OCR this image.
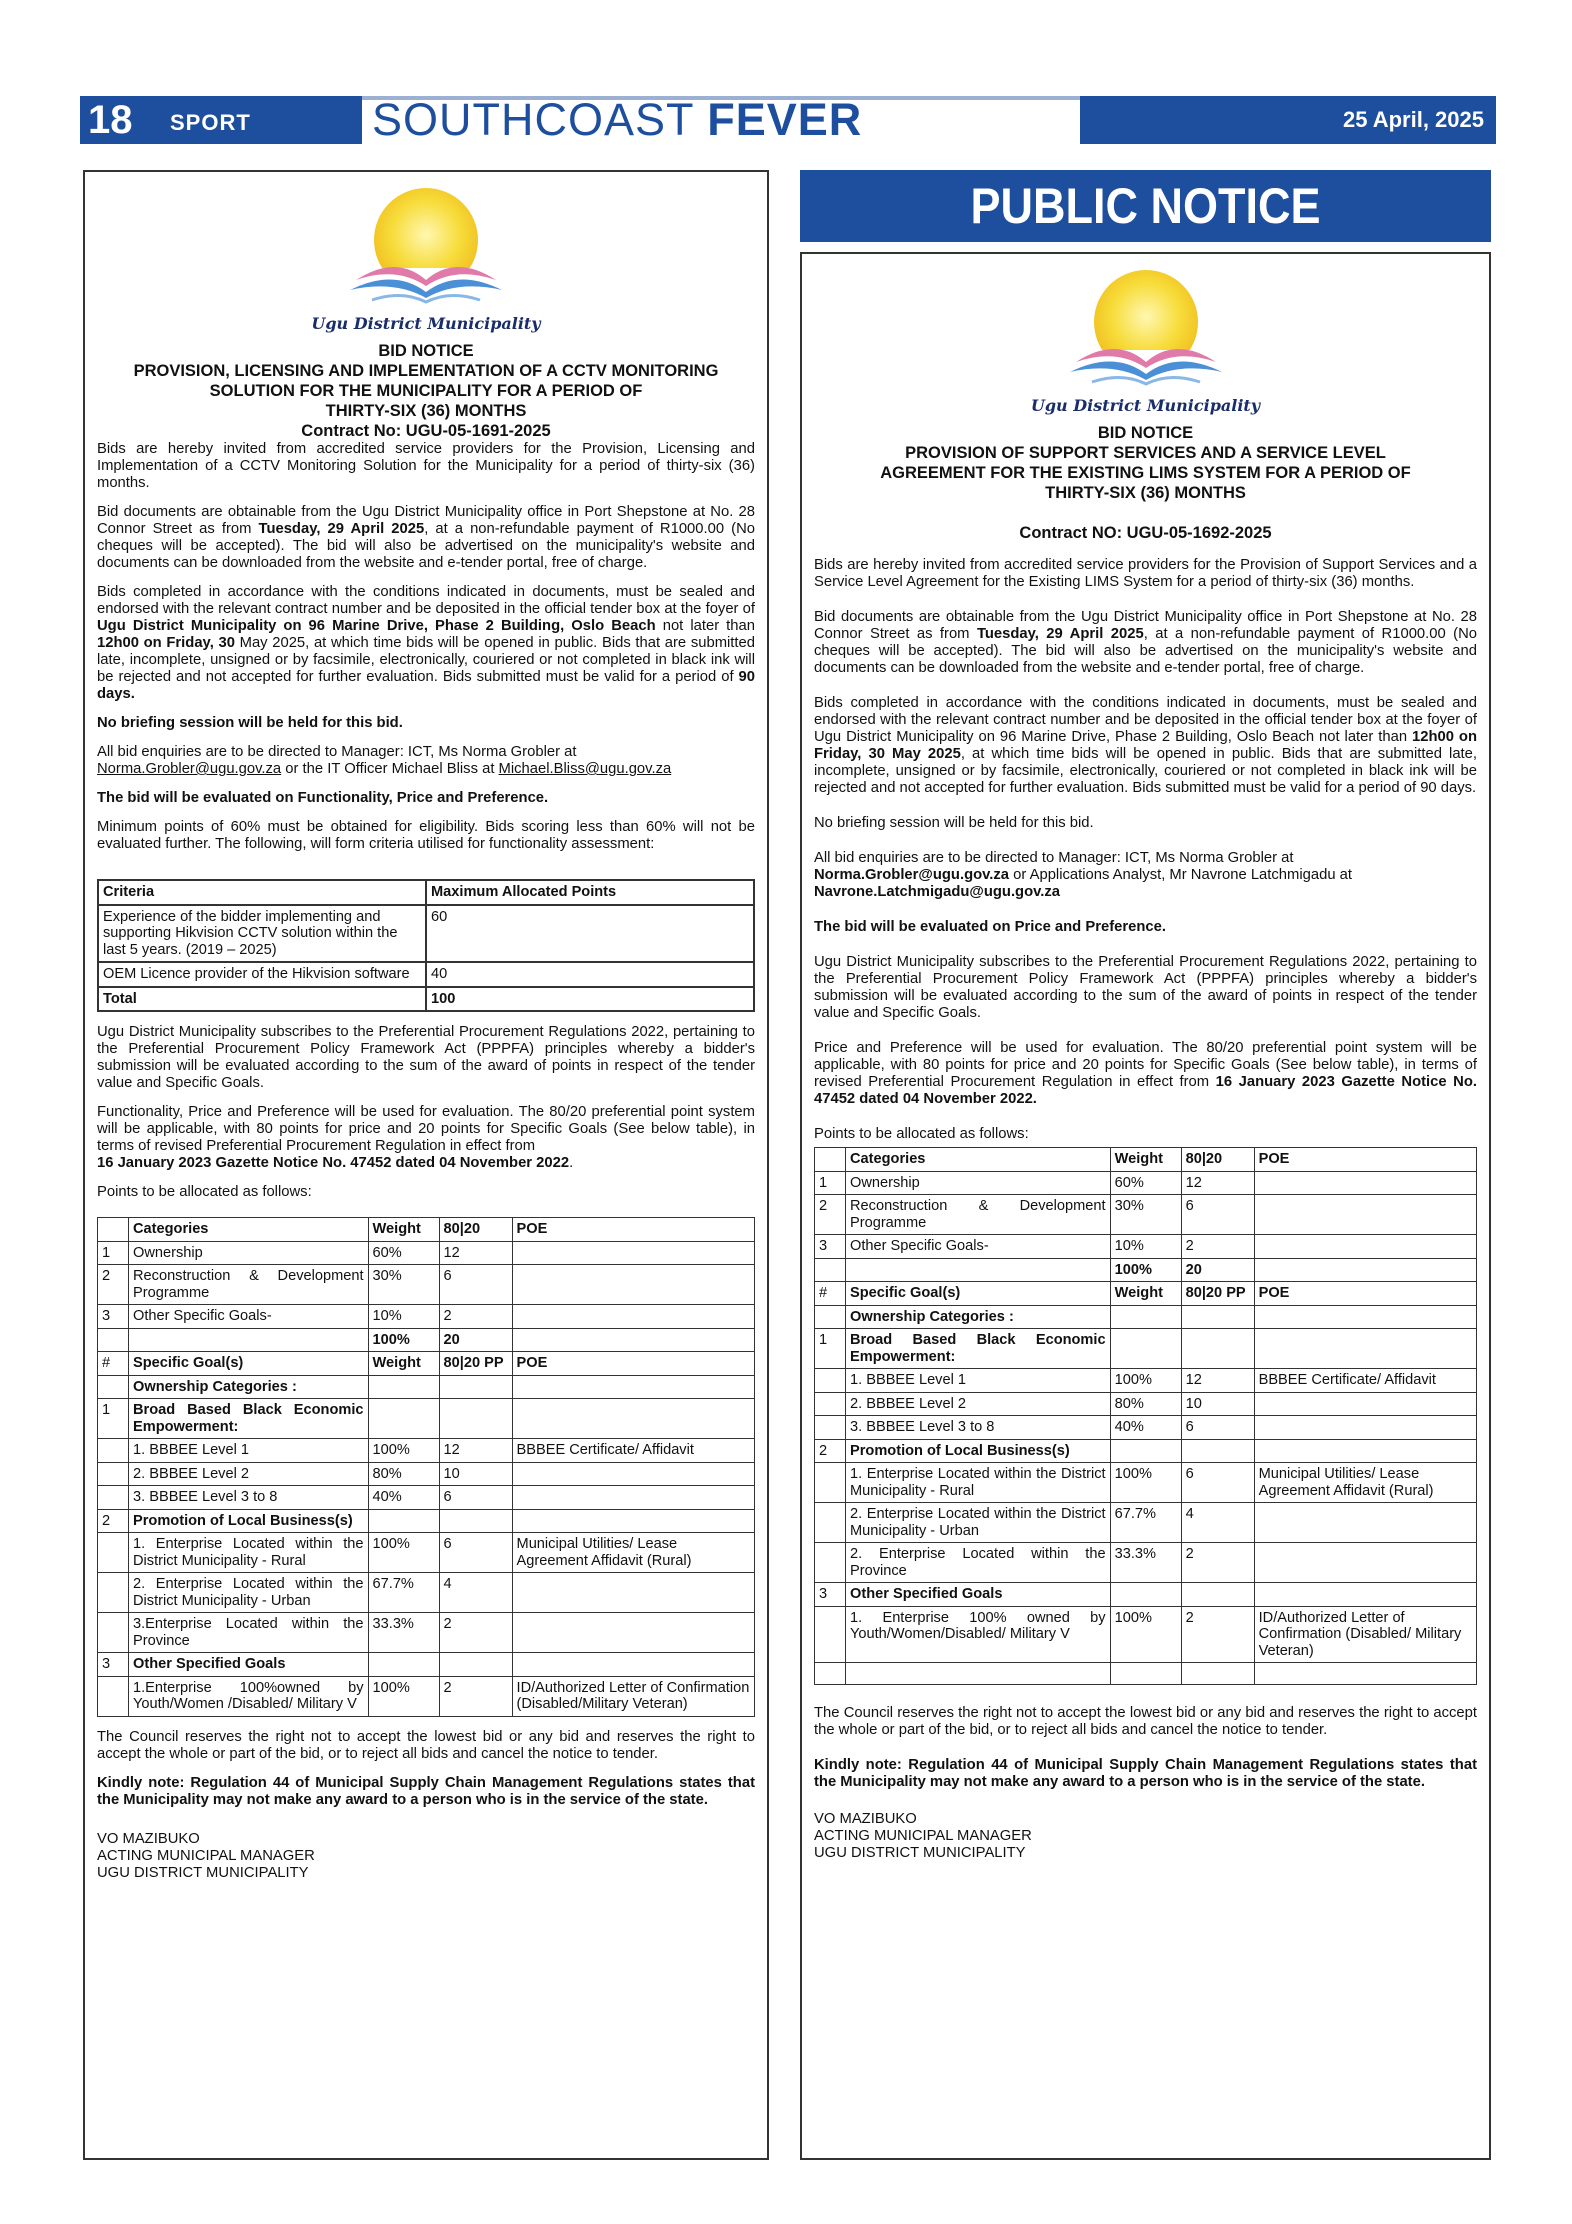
18 SPORT	SOUTHCOAST FEVER	25 April, 2025
Ugu District Municipality
BID NOTICE
PROVISION, LICENSING AND IMPLEMENTATION OF A CCTV MONITORING
SOLUTION FOR THE MUNICIPALITY FOR A PERIOD OF
THIRTY-SIX (36) MONTHS
Contract No: UGU-05-1691-2025

Bids are hereby invited from accredited service providers for the Provision, Licensing and Implementation of a CCTV Monitoring Solution for the Municipality for a period of thirty-six (36) months.

Bid documents are obtainable from the Ugu District Municipality office in Port Shepstone at No. 28 Connor Street as from Tuesday, 29 April 2025, at a non-refundable payment of R1000.00 (No cheques will be accepted). The bid will also be advertised on the municipality's website and documents can be downloaded from the website and e-tender portal, free of charge.

Bids completed in accordance with the conditions indicated in documents, must be sealed and endorsed with the relevant contract number and be deposited in the official tender box at the foyer of Ugu District Municipality on 96 Marine Drive, Phase 2 Building, Oslo Beach not later than 12h00 on Friday, 30 May 2025, at which time bids will be opened in public. Bids that are submitted late, incomplete, unsigned or by facsimile, electronically, couriered or not completed in black ink will be rejected and not accepted for further evaluation. Bids submitted must be valid for a period of 90 days.

No briefing session will be held for this bid.

All bid enquiries are to be directed to Manager: ICT, Ms Norma Grobler at
Norma.Grobler@ugu.gov.za or the IT Officer Michael Bliss at Michael.Bliss@ugu.gov.za

The bid will be evaluated on Functionality, Price and Preference.

Minimum points of 60% must be obtained for eligibility. Bids scoring less than 60% will not be evaluated further. The following, will form criteria utilised for functionality assessment:

Criteria	Maximum Allocated Points
Experience of the bidder implementing and supporting Hikvision CCTV solution within the last 5 years. (2019 – 2025)	60
OEM Licence provider of the Hikvision software	40
Total	100

Ugu District Municipality subscribes to the Preferential Procurement Regulations 2022, pertaining to the Preferential Procurement Policy Framework Act (PPPFA) principles whereby a bidder's submission will be evaluated according to the sum of the award of points in respect of the tender value and Specific Goals.

Functionality, Price and Preference will be used for evaluation. The 80/20 preferential point system will be applicable, with 80 points for price and 20 points for Specific Goals (See below table), in terms of revised Preferential Procurement Regulation in effect from
16 January 2023 Gazette Notice No. 47452 dated 04 November 2022.

Points to be allocated as follows:

	Categories	Weight	80|20	POE
1	Ownership	60%	12	
2	Reconstruction & Development Programme	30%	6	
3	Other Specific Goals-	10%	2	
		100%	20	
#	Specific Goal(s)	Weight	80|20 PP	POE
	Ownership Categories :			
1	Broad Based Black Economic Empowerment:			
	1. BBBEE Level 1	100%	12	BBBEE Certificate/ Affidavit
	2. BBBEE Level 2	80%	10	
	3. BBBEE Level 3 to 8	40%	6	
2	Promotion of Local Business(s)			
	1. Enterprise Located within the District Municipality - Rural	100%	6	Municipal Utilities/ Lease Agreement Affidavit (Rural)
	2. Enterprise Located within the District Municipality - Urban	67.7%	4	
	3.Enterprise Located within the Province	33.3%	2	
3	Other Specified Goals			
	1.Enterprise 100%owned by Youth/Women /Disabled/ Military V	100%	2	ID/Authorized Letter of Confirmation (Disabled/Military Veteran)

The Council reserves the right not to accept the lowest bid or any bid and reserves the right to accept the whole or part of the bid, or to reject all bids and cancel the notice to tender.

Kindly note: Regulation 44 of Municipal Supply Chain Management Regulations states that the Municipality may not make any award to a person who is in the service of the state.

VO MAZIBUKO
ACTING MUNICIPAL MANAGER
UGU DISTRICT MUNICIPALITY
PUBLIC NOTICE
Ugu District Municipality
BID NOTICE
PROVISION OF SUPPORT SERVICES AND A SERVICE LEVEL
AGREEMENT FOR THE EXISTING LIMS SYSTEM FOR A PERIOD OF
THIRTY-SIX (36) MONTHS
Contract NO: UGU-05-1692-2025

Bids are hereby invited from accredited service providers for the Provision of Support Services and a Service Level Agreement for the Existing LIMS System for a period of thirty-six (36) months.

Bid documents are obtainable from the Ugu District Municipality office in Port Shepstone at No. 28 Connor Street as from Tuesday, 29 April 2025, at a non-refundable payment of R1000.00 (No cheques will be accepted). The bid will also be advertised on the municipality's website and documents can be downloaded from the website and e-tender portal, free of charge.

Bids completed in accordance with the conditions indicated in documents, must be sealed and endorsed with the relevant contract number and be deposited in the official tender box at the foyer of Ugu District Municipality on 96 Marine Drive, Phase 2 Building, Oslo Beach not later than 12h00 on Friday, 30 May 2025, at which time bids will be opened in public. Bids that are submitted late, incomplete, unsigned or by facsimile, electronically, couriered or not completed in black ink will be rejected and not accepted for further evaluation. Bids submitted must be valid for a period of 90 days.

No briefing session will be held for this bid.

All bid enquiries are to be directed to Manager: ICT, Ms Norma Grobler at
Norma.Grobler@ugu.gov.za or Applications Analyst, Mr Navrone Latchmigadu at
Navrone.Latchmigadu@ugu.gov.za

The bid will be evaluated on Price and Preference.

Ugu District Municipality subscribes to the Preferential Procurement Regulations 2022, pertaining to the Preferential Procurement Policy Framework Act (PPPFA) principles whereby a bidder's submission will be evaluated according to the sum of the award of points in respect of the tender value and Specific Goals.

Price and Preference will be used for evaluation. The 80/20 preferential point system will be applicable, with 80 points for price and 20 points for Specific Goals (See below table), in terms of revised Preferential Procurement Regulation in effect from 16 January 2023 Gazette Notice No. 47452 dated 04 November 2022.

Points to be allocated as follows:

	Categories	Weight	80|20	POE
1	Ownership	60%	12	
2	Reconstruction & Development Programme	30%	6	
3	Other Specific Goals-	10%	2	
		100%	20	
#	Specific Goal(s)	Weight	80|20 PP	POE
	Ownership Categories :			
1	Broad Based Black Economic Empowerment:			
	1. BBBEE Level 1	100%	12	BBBEE Certificate/ Affidavit
	2. BBBEE Level 2	80%	10	
	3. BBBEE Level 3 to 8	40%	6	
2	Promotion of Local Business(s)			
	1. Enterprise Located within the District Municipality - Rural	100%	6	Municipal Utilities/ Lease Agreement Affidavit (Rural)
	2. Enterprise Located within the District Municipality - Urban	67.7%	4	
	2. Enterprise Located within the Province	33.3%	2	
3	Other Specified Goals			
	1. Enterprise 100% owned by Youth/Women/Disabled/ Military V	100%	2	ID/Authorized Letter of Confirmation (Disabled/ Military Veteran)

The Council reserves the right not to accept the lowest bid or any bid and reserves the right to accept the whole or part of the bid, or to reject all bids and cancel the notice to tender.

Kindly note: Regulation 44 of Municipal Supply Chain Management Regulations states that the Municipality may not make any award to a person who is in the service of the state.

VO MAZIBUKO
ACTING MUNICIPAL MANAGER
UGU DISTRICT MUNICIPALITY
